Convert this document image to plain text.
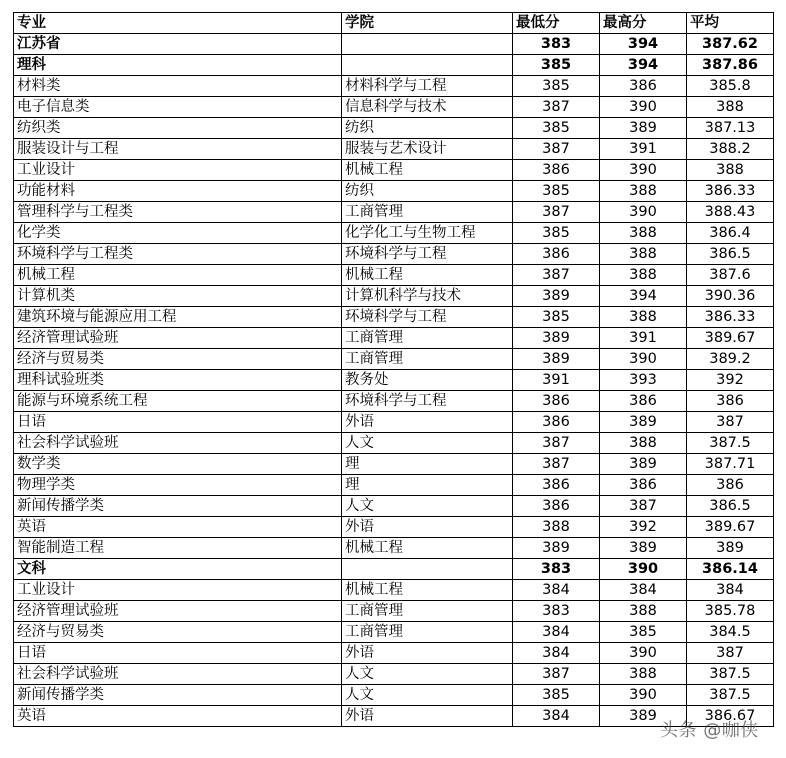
专业	学院	最低分	最高分	平均
江苏省		383	394	387.62
理科		385	394	387.86
材料类	材料科学与工程	385	386	385.8
电子信息类	信息科学与技术	387	390	388
纺织类	纺织	385	389	387.13
服装设计与工程	服装与艺术设计	387	391	388.2
工业设计	机械工程	386	390	388
功能材料	纺织	385	388	386.33
管理科学与工程类	工商管理	387	390	388.43
化学类	化学化工与生物工程	385	388	386.4
环境科学与工程类	环境科学与工程	386	388	386.5
机械工程	机械工程	387	388	387.6
计算机类	计算机科学与技术	389	394	390.36
建筑环境与能源应用工程	环境科学与工程	385	388	386.33
经济管理试验班	工商管理	389	391	389.67
经济与贸易类	工商管理	389	390	389.2
理科试验班类	教务处	391	393	392
能源与环境系统工程	环境科学与工程	386	386	386
日语	外语	386	389	387
社会科学试验班	人文	387	388	387.5
数学类	理	387	389	387.71
物理学类	理	386	386	386
新闻传播学类	人文	386	387	386.5
英语	外语	388	392	389.67
智能制造工程	机械工程	389	389	389
文科		383	390	386.14
工业设计	机械工程	384	384	384
经济管理试验班	工商管理	383	388	385.78
经济与贸易类	工商管理	384	385	384.5
日语	外语	384	390	387
社会科学试验班	人文	387	388	387.5
新闻传播学类	人文	385	390	387.5
英语	外语	384	389	386.67
头条 @咖侠
